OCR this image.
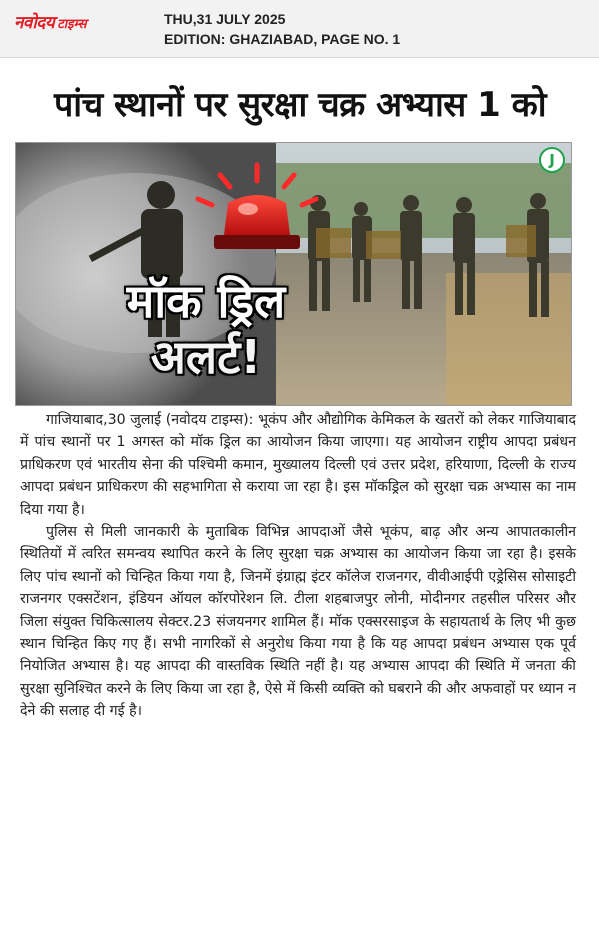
नवोदय टाइम्स	THU,31 JULY 2025
EDITION: GHAZIABAD, PAGE NO. 1
पांच स्थानों पर सुरक्षा चक्र अभ्यास 1 को
मॉक ड्रिल
अलर्ट!
J

गाजियाबाद,30 जुलाई (नवोदय टाइम्स): भूकंप और औद्योगिक केमिकल के खतरों को लेकर गाजियाबाद में पांच स्थानों पर 1 अगस्त को मॉक ड्रिल का आयोजन किया जाएगा। यह आयोजन राष्ट्रीय आपदा प्रबंधन प्राधिकरण एवं भारतीय सेना की पश्चिमी कमान, मुख्यालय दिल्ली एवं उत्तर प्रदेश, हरियाणा, दिल्ली के राज्य आपदा प्रबंधन प्राधिकरण की सहभागिता से कराया जा रहा है। इस मॉकड्रिल को सुरक्षा चक्र अभ्यास का नाम दिया गया है।

पुलिस से मिली जानकारी के मुताबिक विभिन्न आपदाओं जैसे भूकंप, बाढ़ और अन्य आपातकालीन स्थितियों में त्वरित समन्वय स्थापित करने के लिए सुरक्षा चक्र अभ्यास का आयोजन किया जा रहा है। इसके लिए पांच स्थानों को चिन्हित किया गया है, जिनमें इंग्राह्म इंटर कॉलेज राजनगर, वीवीआईपी एड्रेसिस सोसाइटी राजनगर एक्सटेंशन, इंडियन ऑयल कॉरपोरेशन लि. टीला शहबाजपुर लोनी, मोदीनगर तहसील परिसर और जिला संयुक्त चिकित्सालय सेक्टर.23 संजयनगर शामिल हैं। मॉक एक्सरसाइज के सहायतार्थ के लिए भी कुछ स्थान चिन्हित किए गए हैं। सभी नागरिकों से अनुरोध किया गया है कि यह आपदा प्रबंधन अभ्यास एक पूर्व नियोजित अभ्यास है। यह आपदा की वास्तविक स्थिति नहीं है। यह अभ्यास आपदा की स्थिति में जनता की सुरक्षा सुनिश्चित करने के लिए किया जा रहा है, ऐसे में किसी व्यक्ति को घबराने की और अफवाहों पर ध्यान न देने की सलाह दी गई है।
